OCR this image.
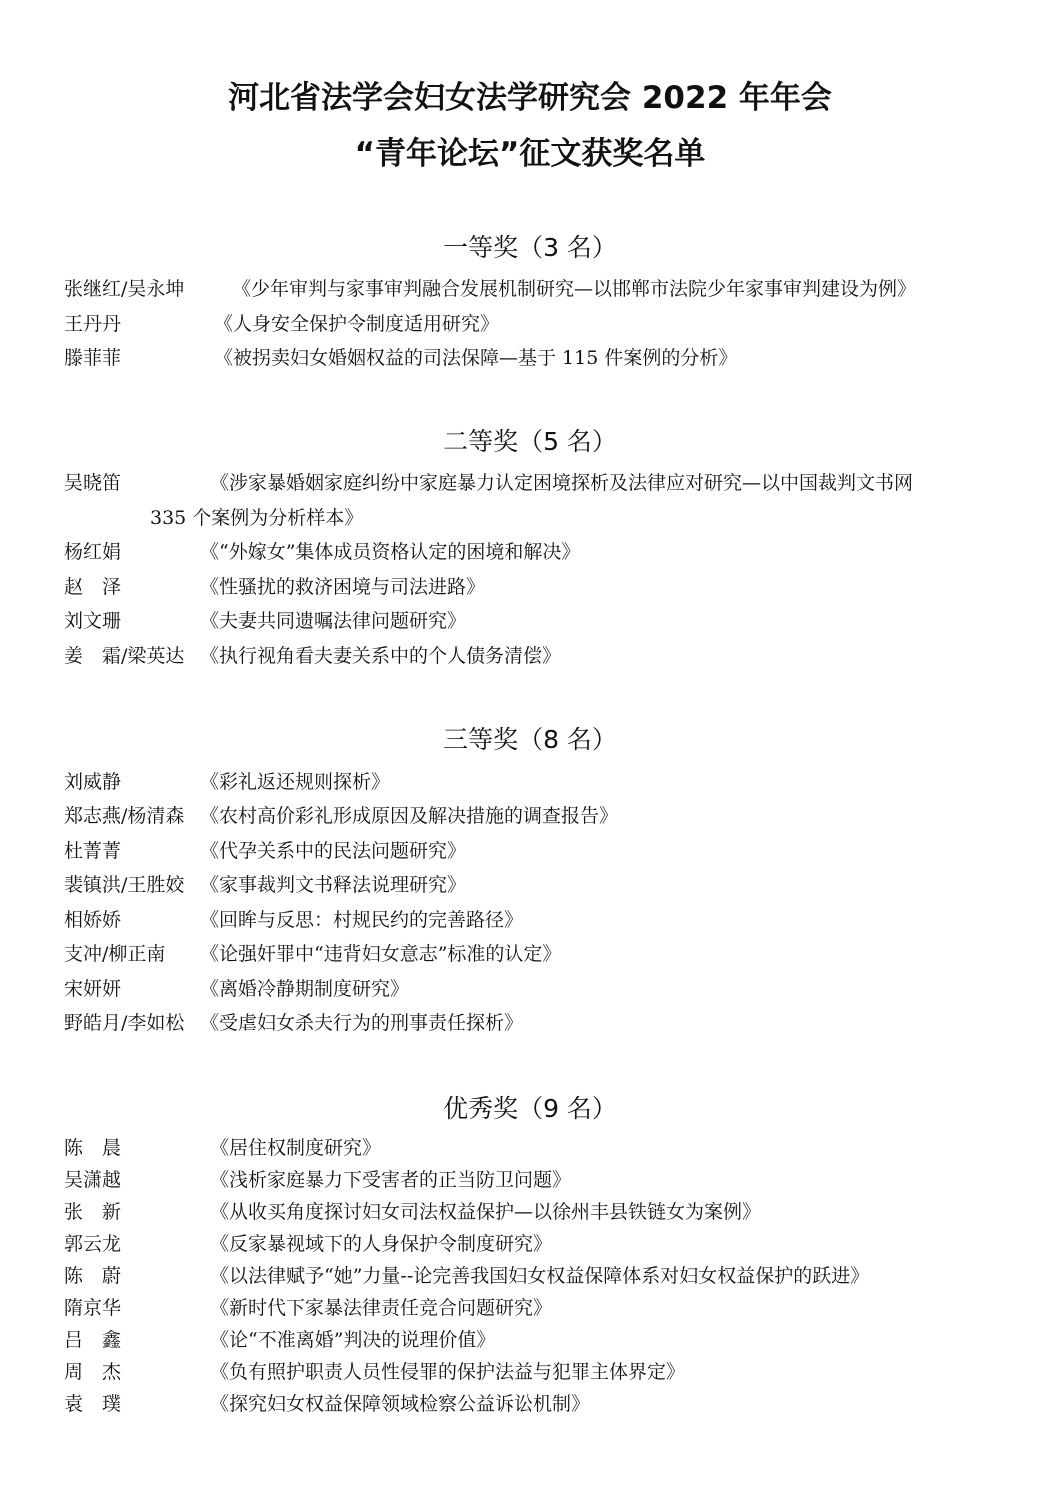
河北省法学会妇女法学研究会 2022 年年会
“青年论坛”征文获奖名单
一等奖（3 名）
张继红/吴永坤	《少年审判与家事审判融合发展机制研究—以邯郸市法院少年家事审判建设为例》
王丹丹	《人身安全保护令制度适用研究》
滕菲菲	《被拐卖妇女婚姻权益的司法保障—基于 115 件案例的分析》
二等奖（5 名）
吴晓笛	《涉家暴婚姻家庭纠纷中家庭暴力认定困境探析及法律应对研究—以中国裁判文书网
335 个案例为分析样本》
杨红娟	《“外嫁女”集体成员资格认定的困境和解决》
赵　泽	《性骚扰的救济困境与司法进路》
刘文珊	《夫妻共同遗嘱法律问题研究》
姜　霜/梁英达 《执行视角看夫妻关系中的个人债务清偿》
三等奖（8 名）
刘威静	《彩礼返还规则探析》
郑志燕/杨清森 《农村高价彩礼形成原因及解决措施的调查报告》
杜菁菁	《代孕关系中的民法问题研究》
裴镇洪/王胜姣 《家事裁判文书释法说理研究》
相娇娇	《回眸与反思：村规民约的完善路径》
支冲/柳正南 《论强奸罪中“违背妇女意志”标准的认定》
宋妍妍	《离婚冷静期制度研究》
野皓月/李如松 《受虐妇女杀夫行为的刑事责任探析》
优秀奖（9 名）
陈　晨	《居住权制度研究》
吴潇越	《浅析家庭暴力下受害者的正当防卫问题》
张　新	《从收买角度探讨妇女司法权益保护—以徐州丰县铁链女为案例》
郭云龙	《反家暴视域下的人身保护令制度研究》
陈　蔚	《以法律赋予“她”力量--论完善我国妇女权益保障体系对妇女权益保护的跃进》
隋京华	《新时代下家暴法律责任竞合问题研究》
吕　鑫	《论“不准离婚”判决的说理价值》
周　杰	《负有照护职责人员性侵罪的保护法益与犯罪主体界定》
袁　璞	《探究妇女权益保障领域检察公益诉讼机制》
